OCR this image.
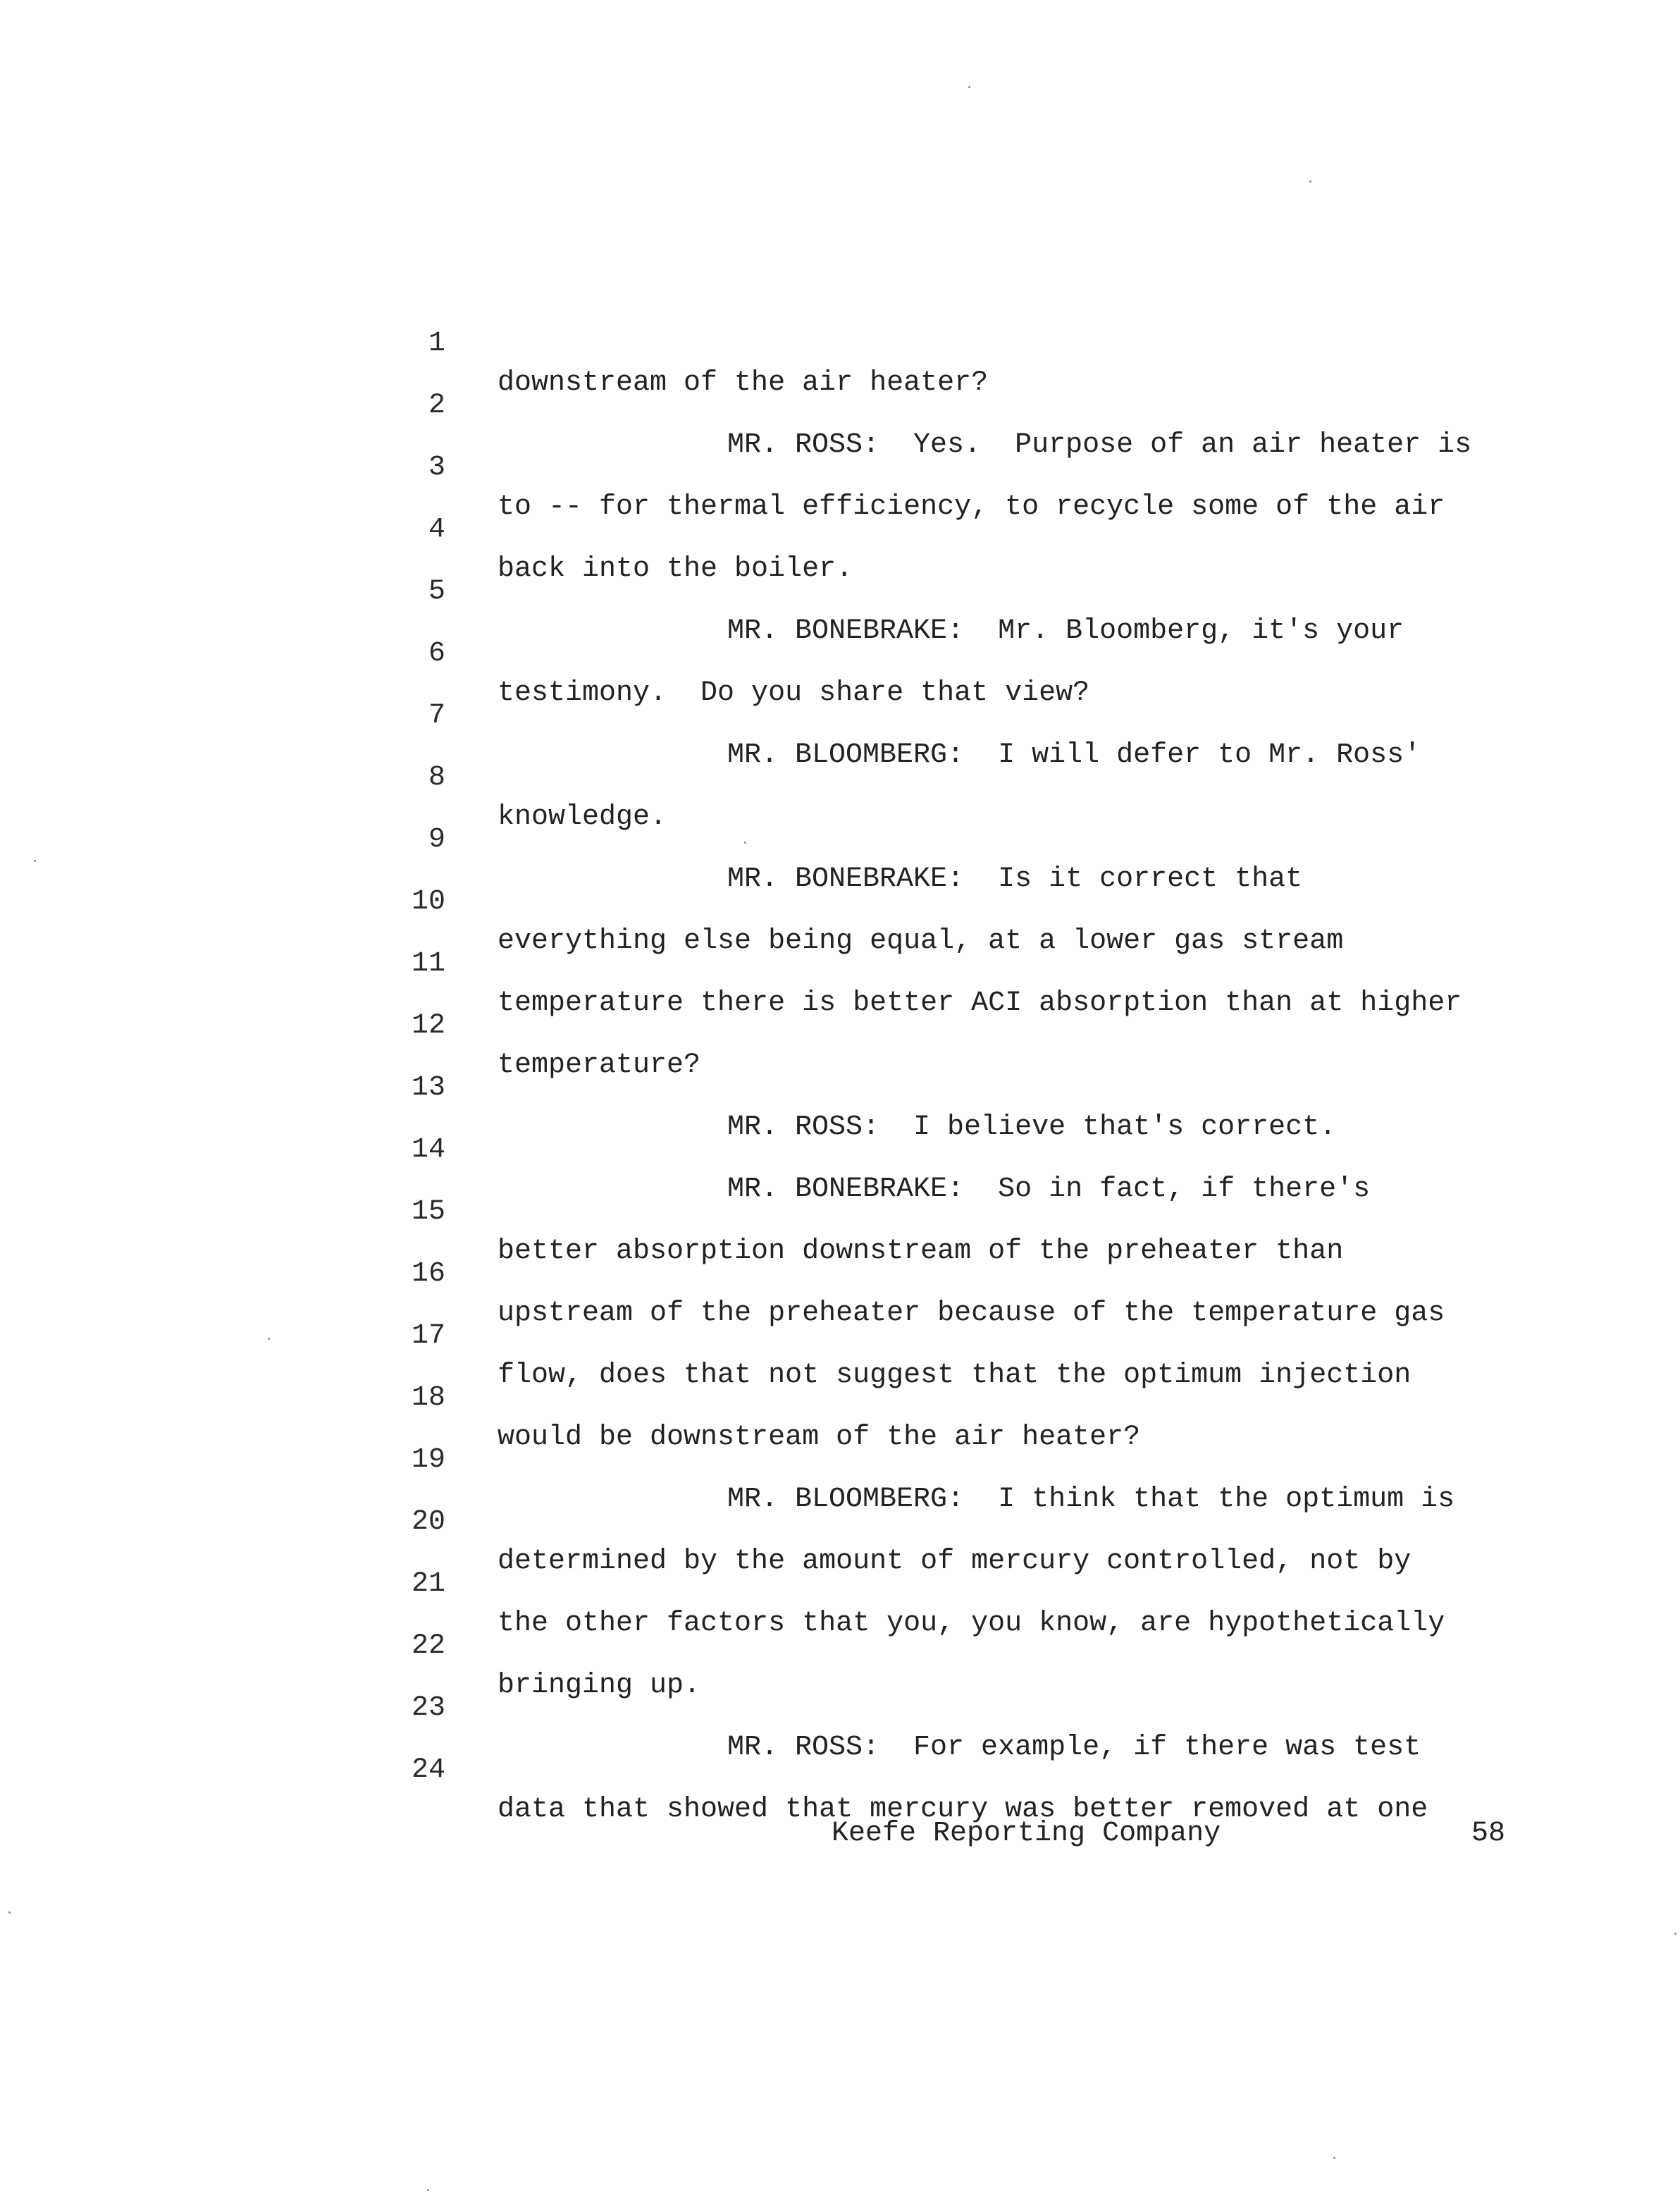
1

downstream of the air heater?

2

MR. ROSS:  Yes.  Purpose of an air heater is

3

to -- for thermal efficiency, to recycle some of the air

4

back into the boiler.

5

MR. BONEBRAKE:  Mr. Bloomberg, it's your

6

testimony.  Do you share that view?

7

MR. BLOOMBERG:  I will defer to Mr. Ross'

8

knowledge.

9

MR. BONEBRAKE:  Is it correct that

10

everything else being equal, at a lower gas stream

11

temperature there is better ACI absorption than at higher

12

temperature?

13

MR. ROSS:  I believe that's correct.

14

MR. BONEBRAKE:  So in fact, if there's

15

better absorption downstream of the preheater than

16

upstream of the preheater because of the temperature gas

17

flow, does that not suggest that the optimum injection

18

would be downstream of the air heater?

19

MR. BLOOMBERG:  I think that the optimum is

20

determined by the amount of mercury controlled, not by

21

the other factors that you, you know, are hypothetically

22

bringing up.

23

MR. ROSS:  For example, if there was test

24

data that showed that mercury was better removed at one

Keefe Reporting Company	58
